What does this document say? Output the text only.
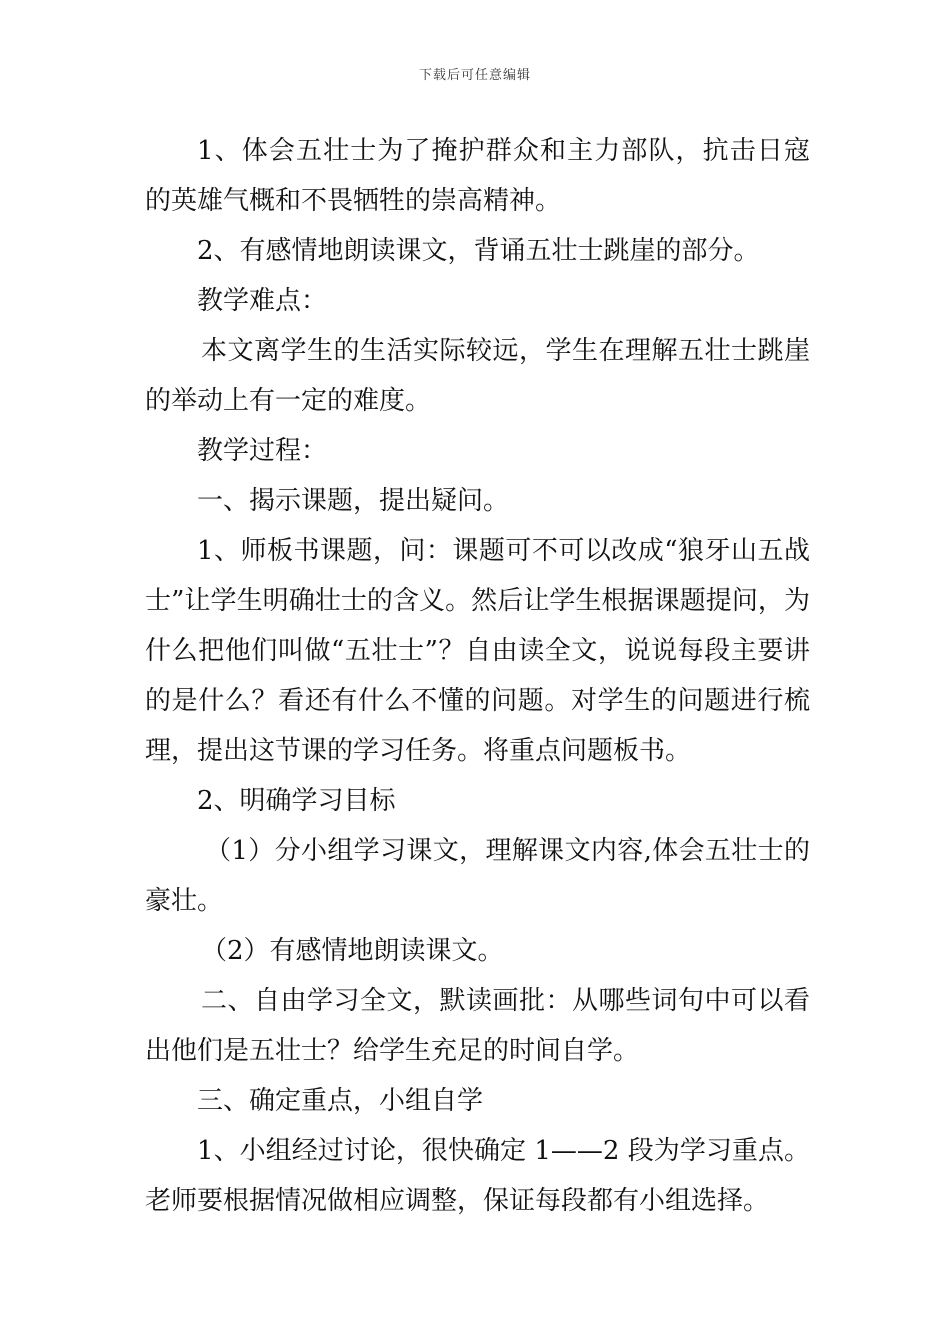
下载后可任意编辑

1、体会五壮士为了掩护群众和主力部队，抗击日寇的英雄气概和不畏牺牲的崇高精神。

2、有感情地朗读课文，背诵五壮士跳崖的部分。

教学难点：

本文离学生的生活实际较远，学生在理解五壮士跳崖的举动上有一定的难度。

教学过程：

一、揭示课题，提出疑问。

1、师板书课题，问：课题可不可以改成“狼牙山五战士”让学生明确壮士的含义。然后让学生根据课题提问，为什么把他们叫做“五壮士”？自由读全文，说说每段主要讲的是什么？看还有什么不懂的问题。对学生的问题进行梳理，提出这节课的学习任务。将重点问题板书。

2、明确学习目标

（1）分小组学习课文，理解课文内容,体会五壮士的豪壮。

（2）有感情地朗读课文。

二、自由学习全文，默读画批：从哪些词句中可以看出他们是五壮士？给学生充足的时间自学。

三、确定重点，小组自学

1、小组经过讨论，很快确定 1——2 段为学习重点。老师要根据情况做相应调整，保证每段都有小组选择。
